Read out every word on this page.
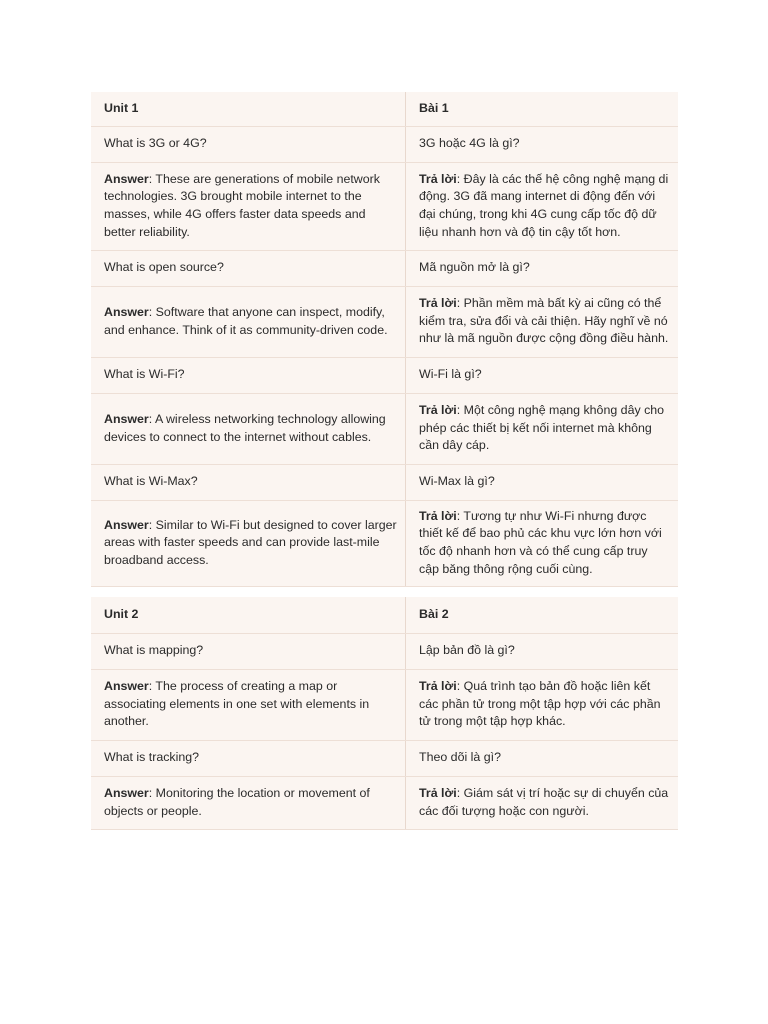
Unit 1	Bài 1
What is 3G or 4G?	3G hoặc 4G là gì?
Answer: These are generations of mobile network technologies. 3G brought mobile internet to the masses, while 4G offers faster data speeds and better reliability.	Trả lời: Đây là các thế hệ công nghệ mạng di động. 3G đã mang internet di động đến với đại chúng, trong khi 4G cung cấp tốc độ dữ liệu nhanh hơn và độ tin cậy tốt hơn.
What is open source?	Mã nguồn mở là gì?
Answer: Software that anyone can inspect, modify, and enhance. Think of it as community-driven code.	Trả lời: Phần mềm mà bất kỳ ai cũng có thể kiểm tra, sửa đổi và cải thiện. Hãy nghĩ về nó như là mã nguồn được cộng đồng điều hành.
What is Wi-Fi?	Wi-Fi là gì?
Answer: A wireless networking technology allowing devices to connect to the internet without cables.	Trả lời: Một công nghệ mạng không dây cho phép các thiết bị kết nối internet mà không cần dây cáp.
What is Wi-Max?	Wi-Max là gì?
Answer: Similar to Wi-Fi but designed to cover larger areas with faster speeds and can provide last-mile broadband access.	Trả lời: Tương tự như Wi-Fi nhưng được thiết kế để bao phủ các khu vực lớn hơn với tốc độ nhanh hơn và có thể cung cấp truy cập băng thông rộng cuối cùng.
Unit 2	Bài 2
What is mapping?	Lập bản đồ là gì?
Answer: The process of creating a map or associating elements in one set with elements in another.	Trả lời: Quá trình tạo bản đồ hoặc liên kết các phần tử trong một tập hợp với các phần tử trong một tập hợp khác.
What is tracking?	Theo dõi là gì?
Answer: Monitoring the location or movement of objects or people.	Trả lời: Giám sát vị trí hoặc sự di chuyển của các đối tượng hoặc con người.
